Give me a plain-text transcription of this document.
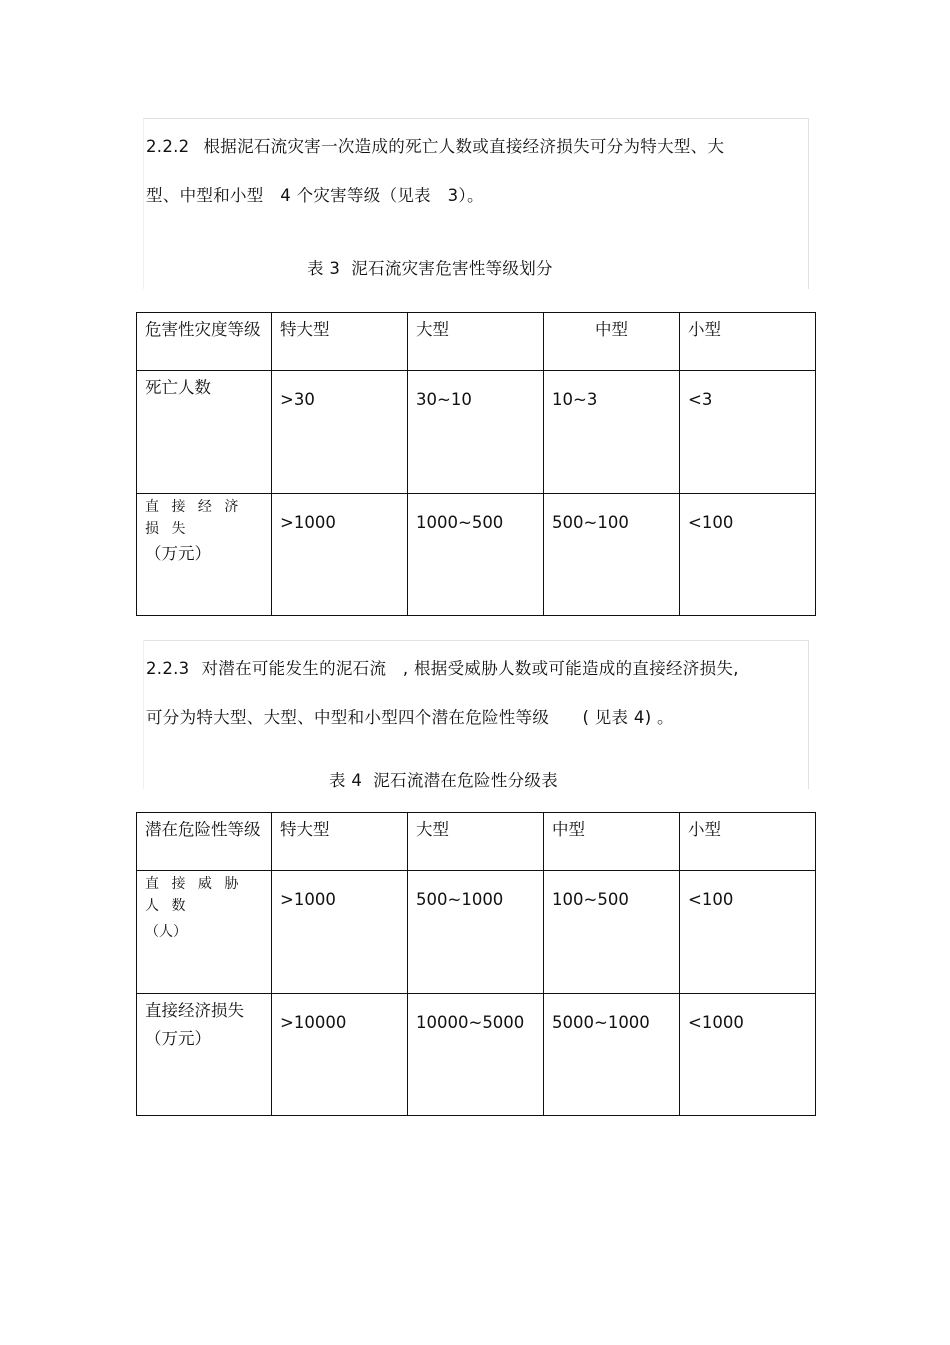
2.2.2 根据泥石流灾害一次造成的死亡人数或直接经济损失可分为特大型、大
型、中型和小型   4 个灾害等级（见表   3）。
表 3  泥石流灾害危害性等级划分
危害性灾度等级	特大型	大型	中型	小型
死亡人数	>30	30~10	10~3	<3

直 接 经 济 损 失
（万元）	>1000	1000~500	500~100	<100
2.2.3 对潜在可能发生的泥石流   , 根据受威胁人数或可能造成的直接经济损失,
可分为特大型、大型、中型和小型四个潜在危险性等级      ( 见表 4) 。
表 4  泥石流潜在危险性分级表
潜在危险性等级	特大型	大型	中型	小型

直 接 威 胁 人 数
（人）	>1000	500~1000	100~500	<100

直接经济损失
（万元）	>10000	10000~5000	5000~1000	<1000
